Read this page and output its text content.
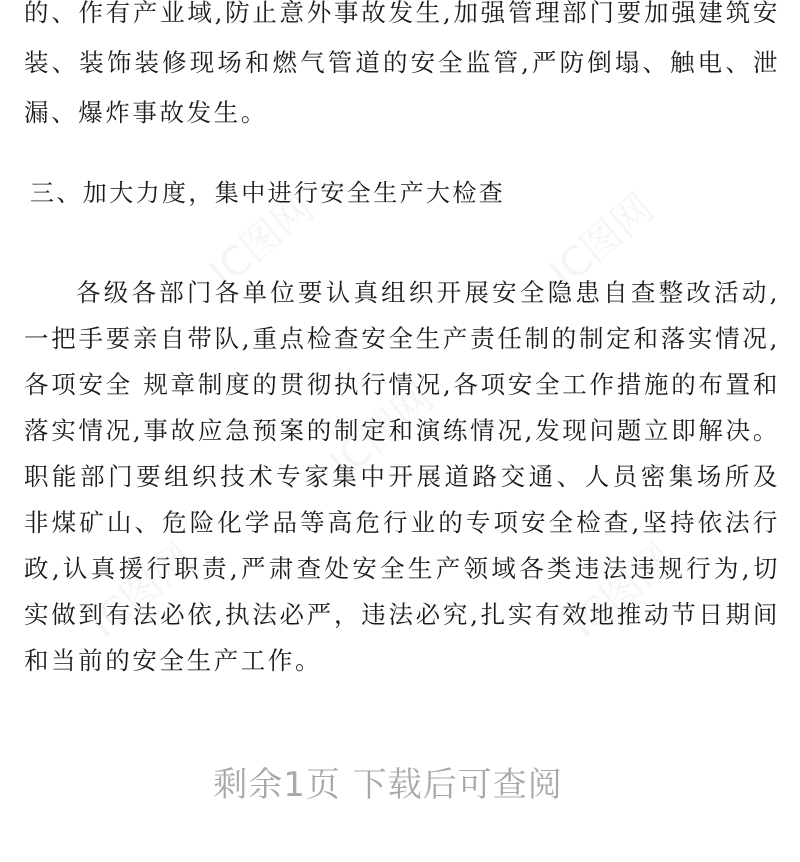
IC图网	IC图网
IC图网
IC图网	IC图网

的、作有产业域,防止意外事故发生,加强管理部门要加强建筑安装、装饰装修现场和燃气管道的安全监管,严防倒塌、触电、泄漏、爆炸事故发生。

三、加大力度，集中进行安全生产大检查

各级各部门各单位要认真组织开展安全隐患自查整改活动,一把手要亲自带队,重点检查安全生产责任制的制定和落实情况,各项安全 规章制度的贯彻执行情况,各项安全工作措施的布置和落实情况,事故应急预案的制定和演练情况,发现问题立即解决。职能部门要组织技术专家集中开展道路交通、人员密集场所及非煤矿山、危险化学品等高危行业的专项安全检查,坚持依法行政,认真援行职责,严肃查处安全生产领域各类违法违规行为,切实做到有法必依,执法必严，违法必究,扎实有效地推动节日期间和当前的安全生产工作。

剩余1页 下载后可查阅
